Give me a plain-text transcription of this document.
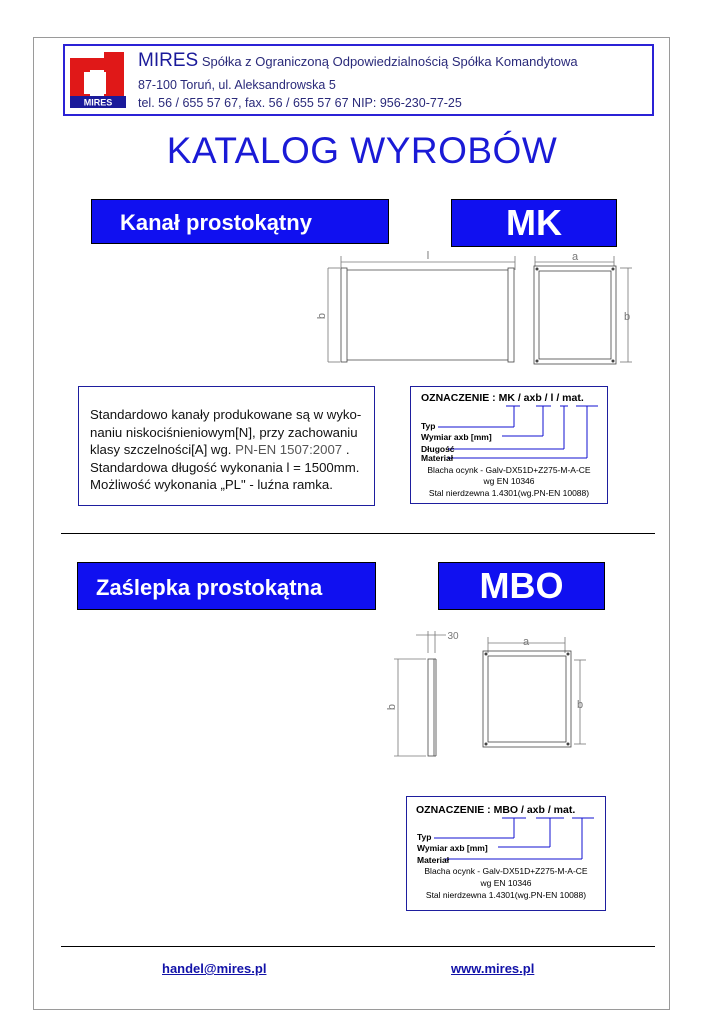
MIRES
MIRES Spółka z Ograniczoną Odpowiedzialnością Spółka Komandytowa
87-100 Toruń, ul. Aleksandrowska 5
tel. 56 / 655 57 67, fax. 56 / 655 57 67 NIP: 956-230-77-25
KATALOG WYROBÓW
Kanał prostokątny	MK
l	a
b	b
Standardowo kanały produkowane są w wyko-
naniu niskociśnieniowym[N], przy zachowaniu
klasy szczelności[A] wg. PN-EN 1507:2007 .
Standardowa długość wykonania l = 1500mm.
Możliwość wykonania „PL" - luźna ramka.
OZNACZENIE : MK / axb / l / mat.
Typ
Wymiar axb [mm]
Długość
Materiał
Blacha ocynk - Galv-DX51D+Z275-M-A-CE
wg EN 10346
Stal nierdzewna 1.4301(wg.PN-EN 10088)
Zaślepka prostokątna	MBO
30	a
b	b
OZNACZENIE : MBO / axb / mat.
Typ
Wymiar axb [mm]
Materiał
Blacha ocynk - Galv-DX51D+Z275-M-A-CE
wg EN 10346
Stal nierdzewna 1.4301(wg.PN-EN 10088)
handel@mires.pl	www.mires.pl
